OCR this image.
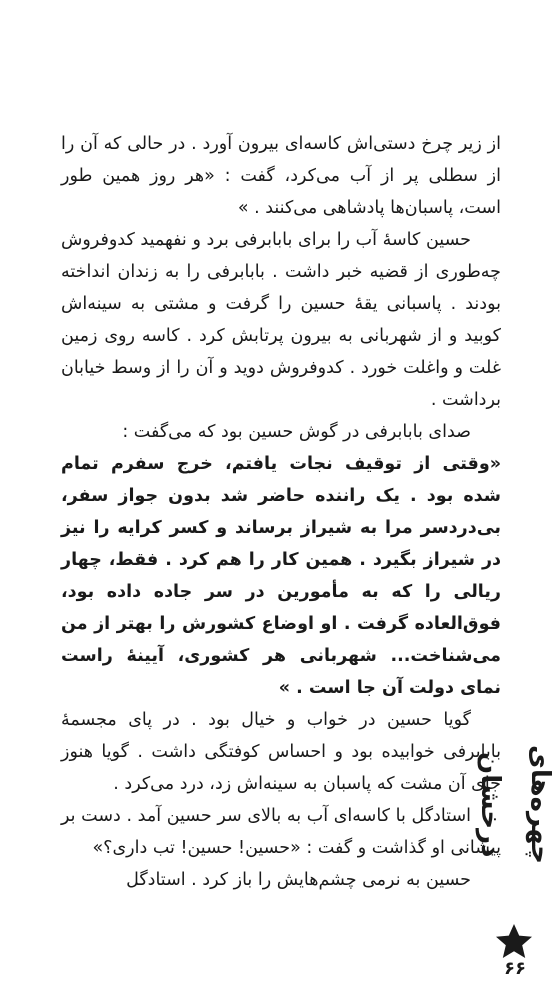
از زیر چرخ دستی‌اش کاسه‌ای بیرون آورد . در حالی که آن را از سطلی پر از آب می‌کرد، گفت : «هر روز همین طور است، پاسبان‌ها پادشاهی می‌کنند . »

حسین کاسهٔ آب را برای بابابرفی برد و نفهمید کدوفروش چه‌طوری از قضیه خبر داشت . بابابرفی را به زندان انداخته بودند . پاسبانی یقهٔ حسین را گرفت و مشتی به سینه‌اش کوبید و از شهربانی به بیرون پرتابش کرد . کاسه روی زمین غلت و واغلت خورد . کدوفروش دوید و آن را از وسط خیابان برداشت .

صدای بابابرفی در گوش حسین بود که می‌گفت :

«وقتی از توقیف نجات یافتم، خرج سفرم تمام شده بود . یک راننده حاضر شد بدون جواز سفر، بی‌دردسر مرا به شیراز برساند و کسر کرایه را نیز در شیراز بگیرد . همین کار را هم کرد . فقط، چهار ریالی را که به مأمورین در سر جاده داده بود، فوق‌العاده گرفت . او اوضاع کشورش را بهتر از من می‌شناخت... شهربانی هر کشوری، آیینهٔ راست نمای دولت آن جا است . »

گویا حسین در خواب و خیال بود . در پای مجسمهٔ بابابرفی خوابیده بود و احساس کوفتگی داشت . گویا هنوز جای آن مشت که پاسبان به سینه‌اش زد، درد می‌کرد .

استادگل با کاسه‌ای آب به بالای سر حسین آمد . دست بر پیشانی او گذاشت و گفت : «حسین! حسین! تب داری؟»

حسین به نرمی چشم‌هایش را باز کرد . استادگل

چهره‌های درخشان
۶۶
